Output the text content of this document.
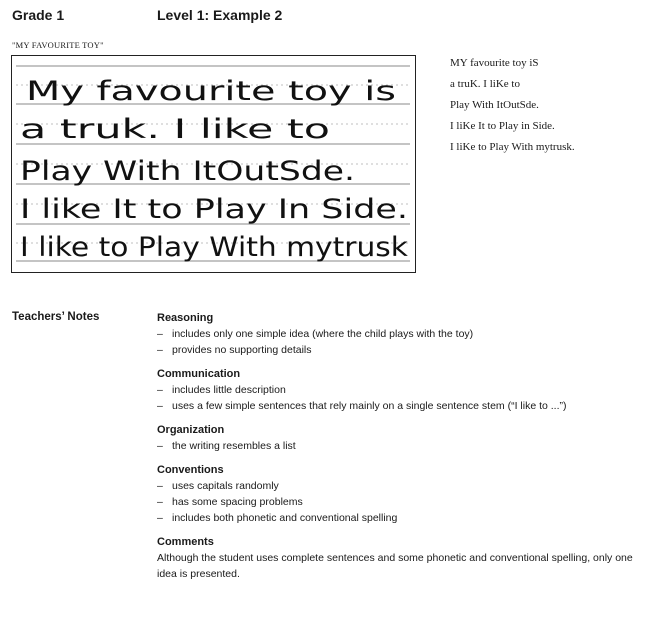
Grade 1	Level 1: Example 2
"MY FAVOURITE TOY"
My favourite toy is
a truk. I like to
Play With ItOutSde.
I like It to Play In Side.
I like to Play With mytrusk
MY favourite toy iS
a truK. I liKe to
Play With ItOutSde.
I liKe It to Play in Side.
I liKe to Play With mytrusk.
Teachers’ Notes	Reasoning
– includes only one simple idea (where the child plays with the toy)
– provides no supporting details
Communication
– includes little description
– uses a few simple sentences that rely mainly on a single sentence stem (“I like to ...”)
Organization
– the writing resembles a list
Conventions
– uses capitals randomly
– has some spacing problems
– includes both phonetic and conventional spelling
Comments
Although the student uses complete sentences and some phonetic and conventional spelling, only one idea is presented.
